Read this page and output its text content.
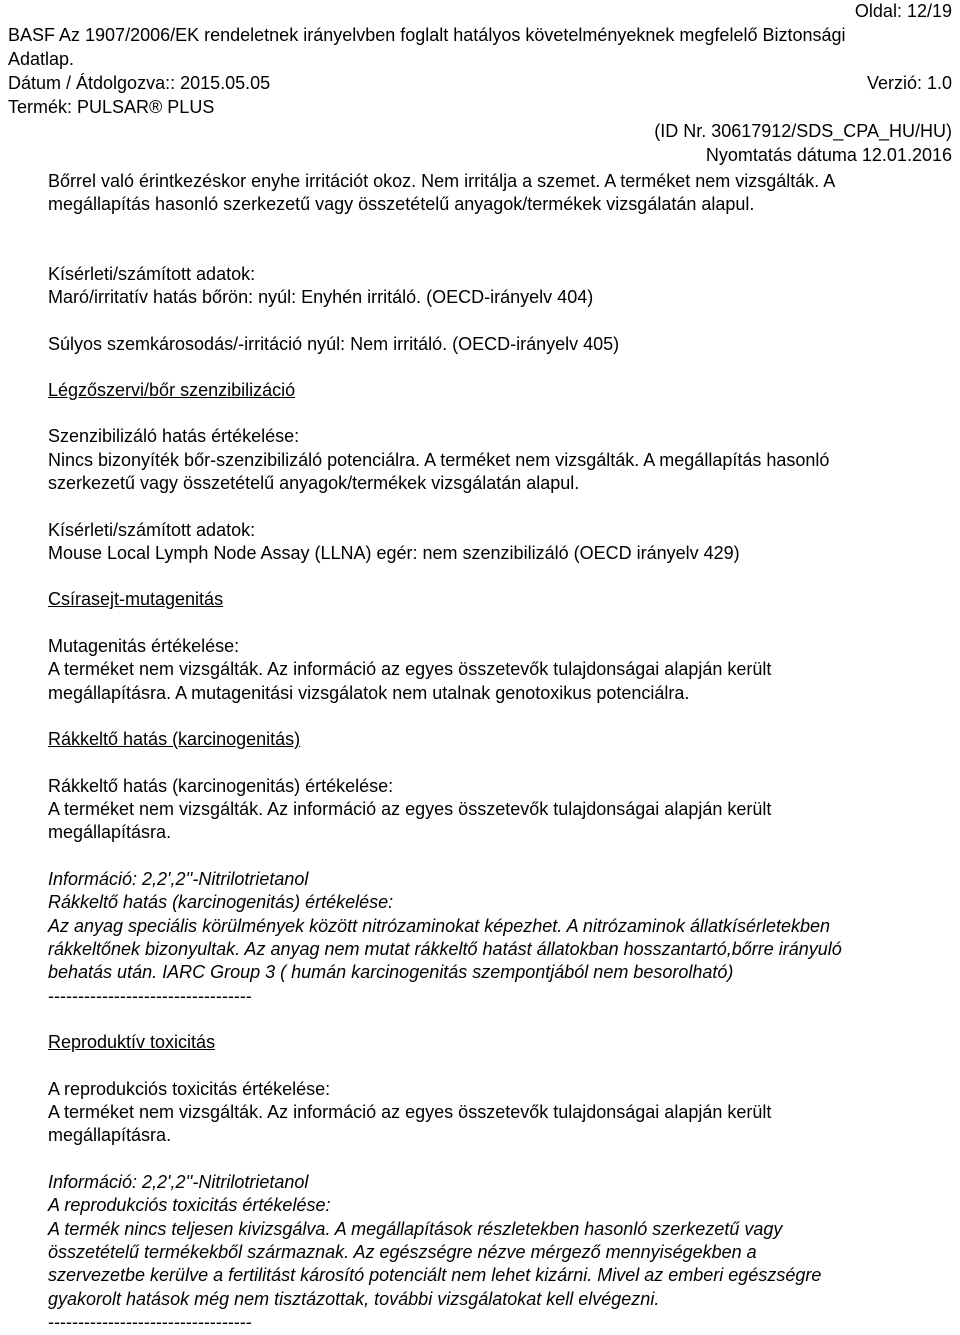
Oldal: 12/19
BASF Az 1907/2006/EK rendeletnek irányelvben foglalt hatályos követelményeknek megfelelő Biztonsági
Adatlap.
Dátum / Átdolgozva:: 2015.05.05	Verzió: 1.0
Termék: PULSAR® PLUS
(ID Nr. 30617912/SDS_CPA_HU/HU)
Nyomtatás dátuma 12.01.2016

Bőrrel való érintkezéskor enyhe irritációt okoz. Nem irritálja a szemet. A terméket nem vizsgálták. A

megállapítás hasonló szerkezetű vagy összetételű anyagok/termékek vizsgálatán alapul.

Kísérleti/számított adatok:

Maró/irritatív hatás bőrön: nyúl: Enyhén irritáló. (OECD-irányelv 404)

Súlyos szemkárosodás/-irritáció nyúl: Nem irritáló. (OECD-irányelv 405)

Légzőszervi/bőr szenzibilizáció

Szenzibilizáló hatás értékelése:

Nincs bizonyíték bőr-szenzibilizáló potenciálra. A terméket nem vizsgálták. A megállapítás hasonló

szerkezetű vagy összetételű anyagok/termékek vizsgálatán alapul.

Kísérleti/számított adatok:

Mouse Local Lymph Node Assay (LLNA) egér: nem szenzibilizáló (OECD irányelv 429)

Csírasejt-mutagenitás

Mutagenitás értékelése:

A terméket nem vizsgálták. Az információ az egyes összetevők tulajdonságai alapján került

megállapításra. A mutagenitási vizsgálatok nem utalnak genotoxikus potenciálra.

Rákkeltő hatás (karcinogenitás)

Rákkeltő hatás (karcinogenitás) értékelése:

A terméket nem vizsgálták. Az információ az egyes összetevők tulajdonságai alapján került

megállapításra.

Információ: 2,2',2''-Nitrilotrietanol

Rákkeltő hatás (karcinogenitás) értékelése:

Az anyag speciális körülmények között nitrózaminokat képezhet. A nitrózaminok állatkísérletekben

rákkeltőnek bizonyultak. Az anyag nem mutat rákkeltő hatást állatokban hosszantartó,bőrre irányuló

behatás után. IARC Group 3 ( humán karcinogenitás szempontjából nem besorolható)

----------------------------------

Reproduktív toxicitás

A reprodukciós toxicitás értékelése:

A terméket nem vizsgálták. Az információ az egyes összetevők tulajdonságai alapján került

megállapításra.

Információ: 2,2',2''-Nitrilotrietanol

A reprodukciós toxicitás értékelése:

A termék nincs teljesen kivizsgálva. A megállapítások részletekben hasonló szerkezetű vagy

összetételű termékekből származnak. Az egészségre nézve mérgező mennyiségekben a

szervezetbe kerülve a fertilitást károsító potenciált nem lehet kizárni. Mivel az emberi egészségre

gyakorolt hatások még nem tisztázottak, további vizsgálatokat kell elvégezni.

----------------------------------
